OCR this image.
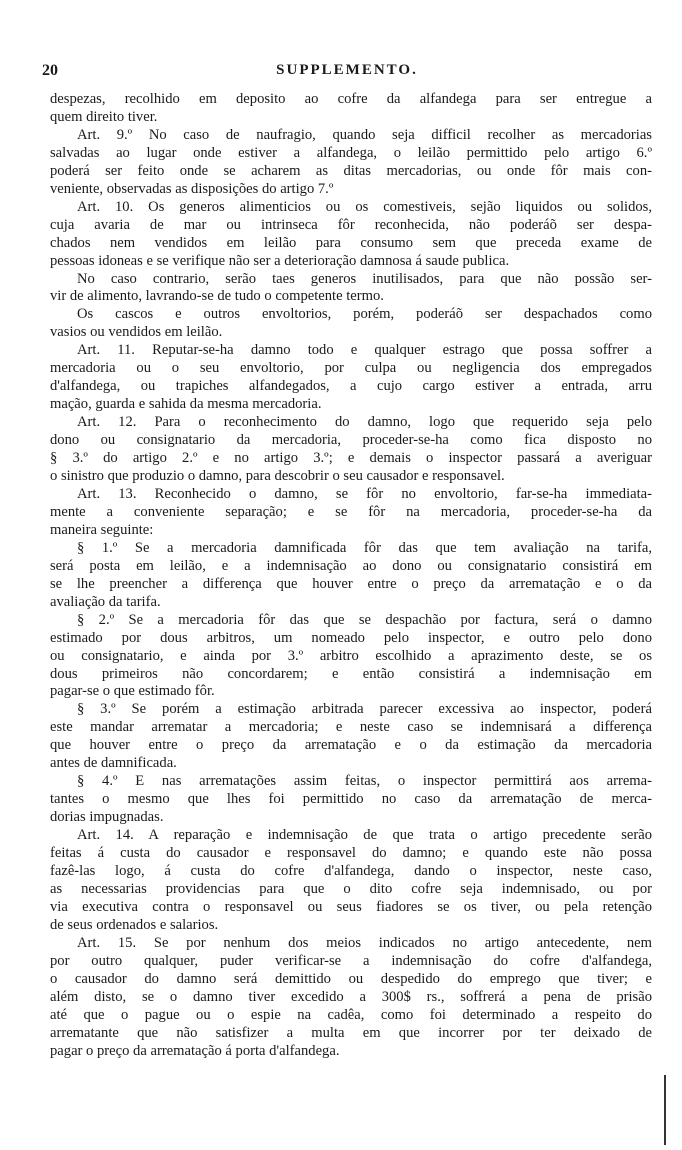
20	SUPPLEMENTO.
despezas, recolhido em deposito ao cofre da alfandega para ser entregue a
quem direito tiver.
Art. 9.º No caso de naufragio, quando seja difficil recolher as mercadorias
salvadas ao lugar onde estiver a alfandega, o leilão permittido pelo artigo 6.º
poderá ser feito onde se acharem as ditas mercadorias, ou onde fôr mais con-
veniente, observadas as disposições do artigo 7.º
Art. 10. Os generos alimenticios ou os comestiveis, sejão liquidos ou solidos,
cuja avaria de mar ou intrinseca fôr reconhecida, não poderáõ ser despa-
chados nem vendidos em leilão para consumo sem que preceda exame de
pessoas idoneas e se verifique não ser a deterioração damnosa á saude publica.
No caso contrario, serão taes generos inutilisados, para que não possão ser-
vir de alimento, lavrando-se de tudo o competente termo.
Os cascos e outros envoltorios, porém, poderáõ ser despachados como
vasios ou vendidos em leilão.
Art. 11. Reputar-se-ha damno todo e qualquer estrago que possa soffrer a
mercadoria ou o seu envoltorio, por culpa ou negligencia dos empregados
d'alfandega, ou trapiches alfandegados, a cujo cargo estiver a entrada, arru
mação, guarda e sahida da mesma mercadoria.
Art. 12. Para o reconhecimento do damno, logo que requerido seja pelo
dono ou consignatario da mercadoria, proceder-se-ha como fica disposto no
§ 3.º do artigo 2.º e no artigo 3.º; e demais o inspector passará a averiguar
o sinistro que produzio o damno, para descobrir o seu causador e responsavel.
Art. 13. Reconhecido o damno, se fôr no envoltorio, far-se-ha immediata-
mente a conveniente separação; e se fôr na mercadoria, proceder-se-ha da
maneira seguinte:
§ 1.º Se a mercadoria damnificada fôr das que tem avaliação na tarifa,
será posta em leilão, e a indemnisação ao dono ou consignatario consistirá em
se lhe preencher a differença que houver entre o preço da arrematação e o da
avaliação da tarifa.
§ 2.º Se a mercadoria fôr das que se despachão por factura, será o damno
estimado por dous arbitros, um nomeado pelo inspector, e outro pelo dono
ou consignatario, e ainda por 3.º arbitro escolhido a aprazimento deste, se os
dous primeiros não concordarem; e então consistirá a indemnisação em
pagar-se o que estimado fôr.
§ 3.º Se porém a estimação arbitrada parecer excessiva ao inspector, poderá
este mandar arrematar a mercadoria; e neste caso se indemnisará a differença
que houver entre o preço da arrematação e o da estimação da mercadoria
antes de damnificada.
§ 4.º E nas arrematações assim feitas, o inspector permittirá aos arrema-
tantes o mesmo que lhes foi permittido no caso da arrematação de merca-
dorias impugnadas.
Art. 14. A reparação e indemnisação de que trata o artigo precedente serão
feitas á custa do causador e responsavel do damno; e quando este não possa
fazê-las logo, á custa do cofre d'alfandega, dando o inspector, neste caso,
as necessarias providencias para que o dito cofre seja indemnisado, ou por
via executiva contra o responsavel ou seus fiadores se os tiver, ou pela retenção
de seus ordenados e salarios.
Art. 15. Se por nenhum dos meios indicados no artigo antecedente, nem
por outro qualquer, puder verificar-se a indemnisação do cofre d'alfandega,
o causador do damno será demittido ou despedido do emprego que tiver; e
além disto, se o damno tiver excedido a 300$ rs., soffrerá a pena de prisão
até que o pague ou o espie na cadêa, como foi determinado a respeito do
arrematante que não satisfizer a multa em que incorrer por ter deixado de
pagar o preço da arrematação á porta d'alfandega.
